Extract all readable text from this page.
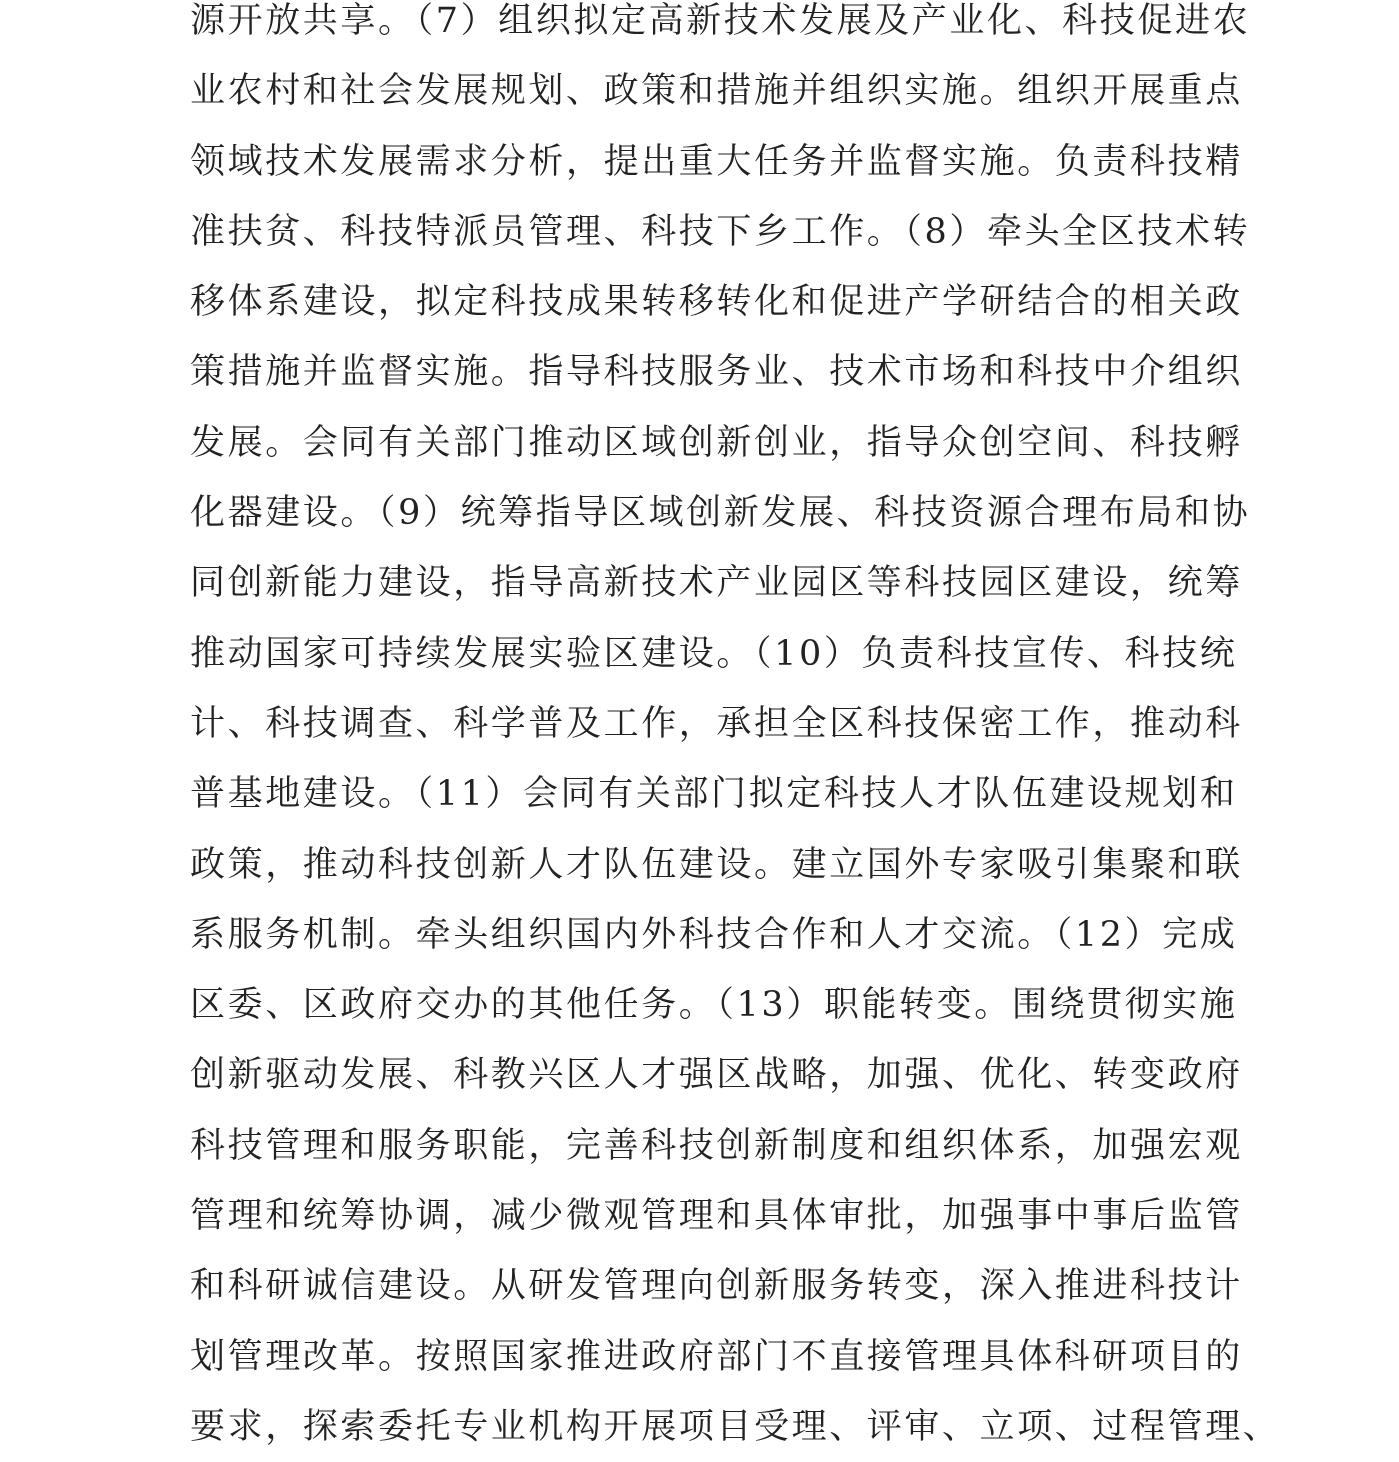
源开放共享。（7）组织拟定高新技术发展及产业化、科技促进农
业农村和社会发展规划、政策和措施并组织实施。组织开展重点
领域技术发展需求分析，提出重大任务并监督实施。负责科技精
准扶贫、科技特派员管理、科技下乡工作。（8）牵头全区技术转
移体系建设，拟定科技成果转移转化和促进产学研结合的相关政
策措施并监督实施。指导科技服务业、技术市场和科技中介组织
发展。会同有关部门推动区域创新创业，指导众创空间、科技孵
化器建设。（9）统筹指导区域创新发展、科技资源合理布局和协
同创新能力建设，指导高新技术产业园区等科技园区建设，统筹
推动国家可持续发展实验区建设。（10）负责科技宣传、科技统
计、科技调查、科学普及工作，承担全区科技保密工作，推动科
普基地建设。（11）会同有关部门拟定科技人才队伍建设规划和
政策，推动科技创新人才队伍建设。建立国外专家吸引集聚和联
系服务机制。牵头组织国内外科技合作和人才交流。（12）完成
区委、区政府交办的其他任务。（13）职能转变。围绕贯彻实施
创新驱动发展、科教兴区人才强区战略，加强、优化、转变政府
科技管理和服务职能，完善科技创新制度和组织体系，加强宏观
管理和统筹协调，减少微观管理和具体审批，加强事中事后监管
和科研诚信建设。从研发管理向创新服务转变，深入推进科技计
划管理改革。按照国家推进政府部门不直接管理具体科研项目的
要求，探索委托专业机构开展项目受理、评审、立项、过程管理、
